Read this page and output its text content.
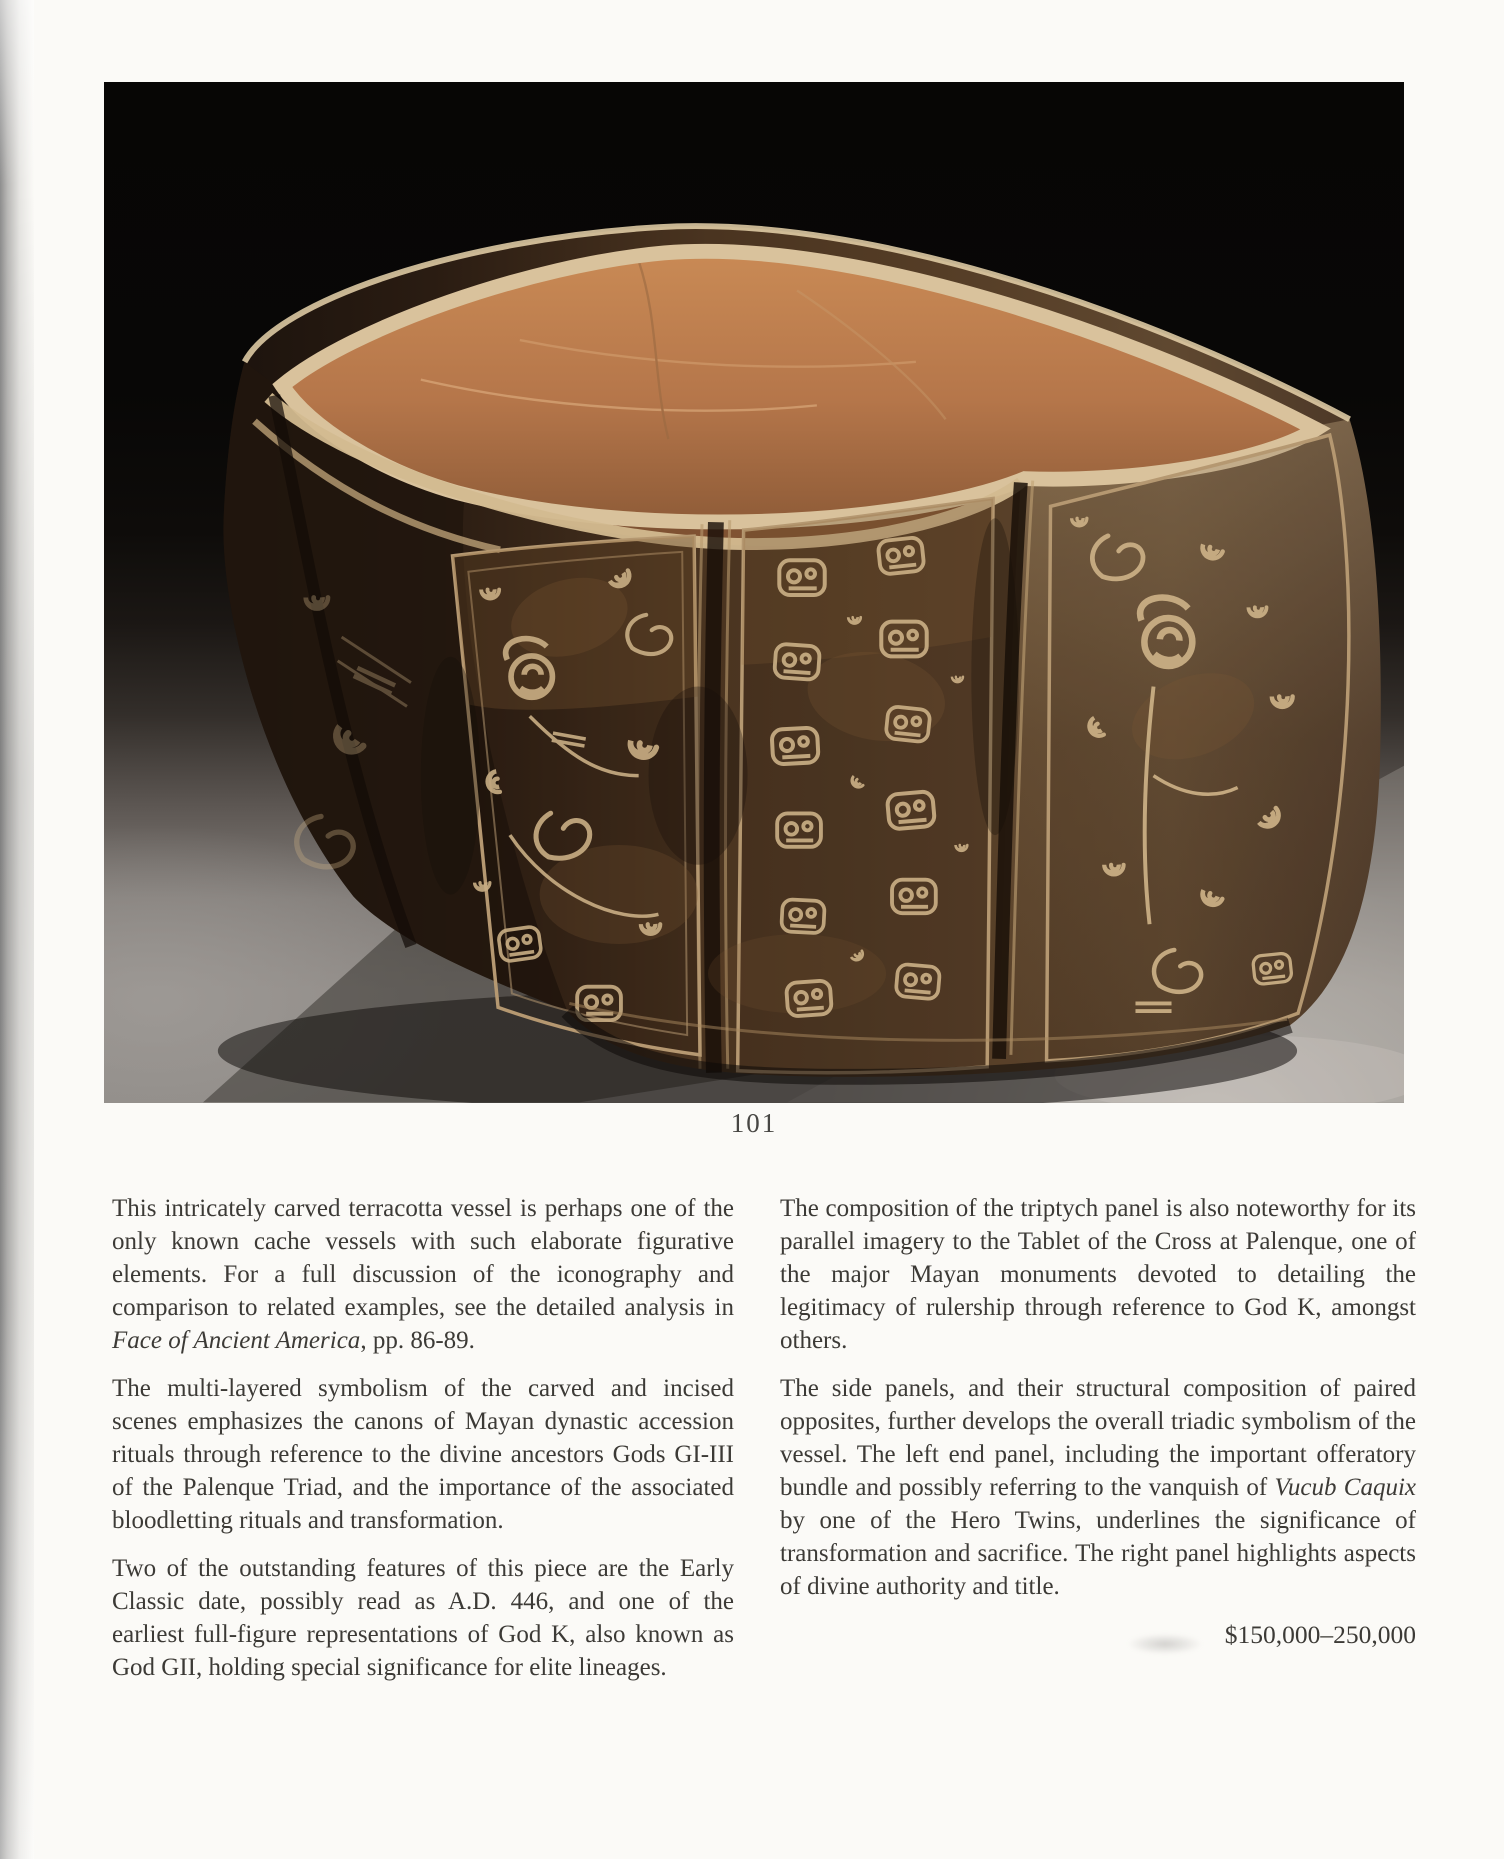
101

This intricately carved terracotta vessel is perhaps one of the only known cache vessels with such elaborate figurative elements. For a full discussion of the iconography and comparison to related examples, see the detailed analysis in Face of Ancient America, pp. 86-89.

The multi-layered symbolism of the carved and incised scenes emphasizes the canons of Mayan dynastic accession rituals through reference to the divine ancestors Gods GI-III of the Palenque Triad, and the importance of the associated bloodletting rituals and transformation.

Two of the outstanding features of this piece are the Early Classic date, possibly read as A.D. 446, and one of the earliest full-figure representations of God K, also known as God GII, holding special significance for elite lineages.

The composition of the triptych panel is also noteworthy for its parallel imagery to the Tablet of the Cross at Palenque, one of the major Mayan monuments devoted to detailing the legitimacy of rulership through reference to God K, amongst others.

The side panels, and their structural composition of paired opposites, further develops the overall triadic symbolism of the vessel. The left end panel, including the important offeratory bundle and possibly referring to the vanquish of Vucub Caquix by one of the Hero Twins, underlines the significance of transformation and sacrifice. The right panel highlights aspects of divine authority and title.

$150,000–250,000
